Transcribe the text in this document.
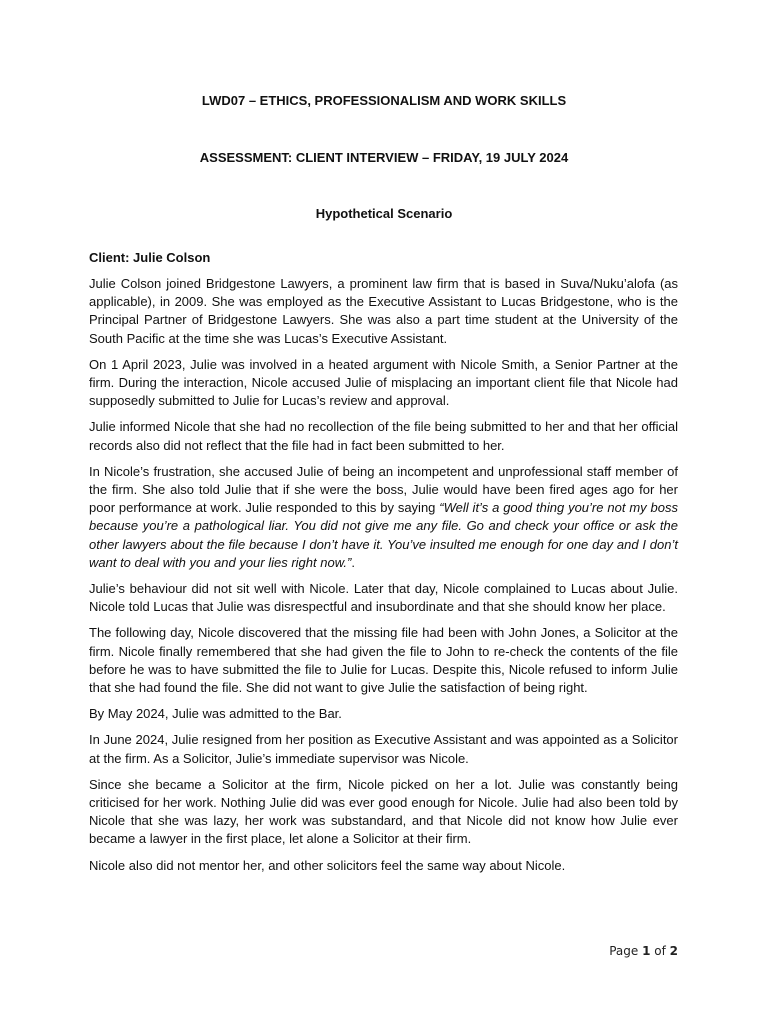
LWD07 – ETHICS, PROFESSIONALISM AND WORK SKILLS
ASSESSMENT: CLIENT INTERVIEW – FRIDAY, 19 JULY 2024
Hypothetical Scenario
Client: Julie Colson

Julie Colson joined Bridgestone Lawyers, a prominent law firm that is based in Suva/Nuku’alofa (as applicable), in 2009. She was employed as the Executive Assistant to Lucas Bridgestone, who is the Principal Partner of Bridgestone Lawyers. She was also a part time student at the University of the South Pacific at the time she was Lucas’s Executive Assistant.

On 1 April 2023, Julie was involved in a heated argument with Nicole Smith, a Senior Partner at the firm. During the interaction, Nicole accused Julie of misplacing an important client file that Nicole had supposedly submitted to Julie for Lucas’s review and approval.

Julie informed Nicole that she had no recollection of the file being submitted to her and that her official records also did not reflect that the file had in fact been submitted to her.

In Nicole’s frustration, she accused Julie of being an incompetent and unprofessional staff member of the firm. She also told Julie that if she were the boss, Julie would have been fired ages ago for her poor performance at work. Julie responded to this by saying “Well it’s a good thing you’re not my boss because you’re a pathological liar. You did not give me any file. Go and check your office or ask the other lawyers about the file because I don’t have it. You’ve insulted me enough for one day and I don’t want to deal with you and your lies right now.”.

Julie’s behaviour did not sit well with Nicole. Later that day, Nicole complained to Lucas about Julie. Nicole told Lucas that Julie was disrespectful and insubordinate and that she should know her place.

The following day, Nicole discovered that the missing file had been with John Jones, a Solicitor at the firm. Nicole finally remembered that she had given the file to John to re-check the contents of the file before he was to have submitted the file to Julie for Lucas. Despite this, Nicole refused to inform Julie that she had found the file. She did not want to give Julie the satisfaction of being right.

By May 2024, Julie was admitted to the Bar.

In June 2024, Julie resigned from her position as Executive Assistant and was appointed as a Solicitor at the firm. As a Solicitor, Julie’s immediate supervisor was Nicole.

Since she became a Solicitor at the firm, Nicole picked on her a lot. Julie was constantly being criticised for her work. Nothing Julie did was ever good enough for Nicole. Julie had also been told by Nicole that she was lazy, her work was substandard, and that Nicole did not know how Julie ever became a lawyer in the first place, let alone a Solicitor at their firm.

Nicole also did not mentor her, and other solicitors feel the same way about Nicole.

Page 1 of 2
